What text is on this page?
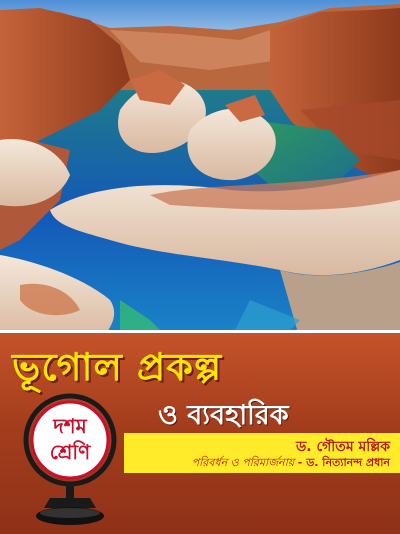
ভূগোল প্রকল্প
ও ব্যবহারিক
ড. গৌতম মল্লিক
পরিবর্ধন ও পরিমার্জনায় - ড. নিত্যানন্দ প্রধান
দশম
শ্রেণি
